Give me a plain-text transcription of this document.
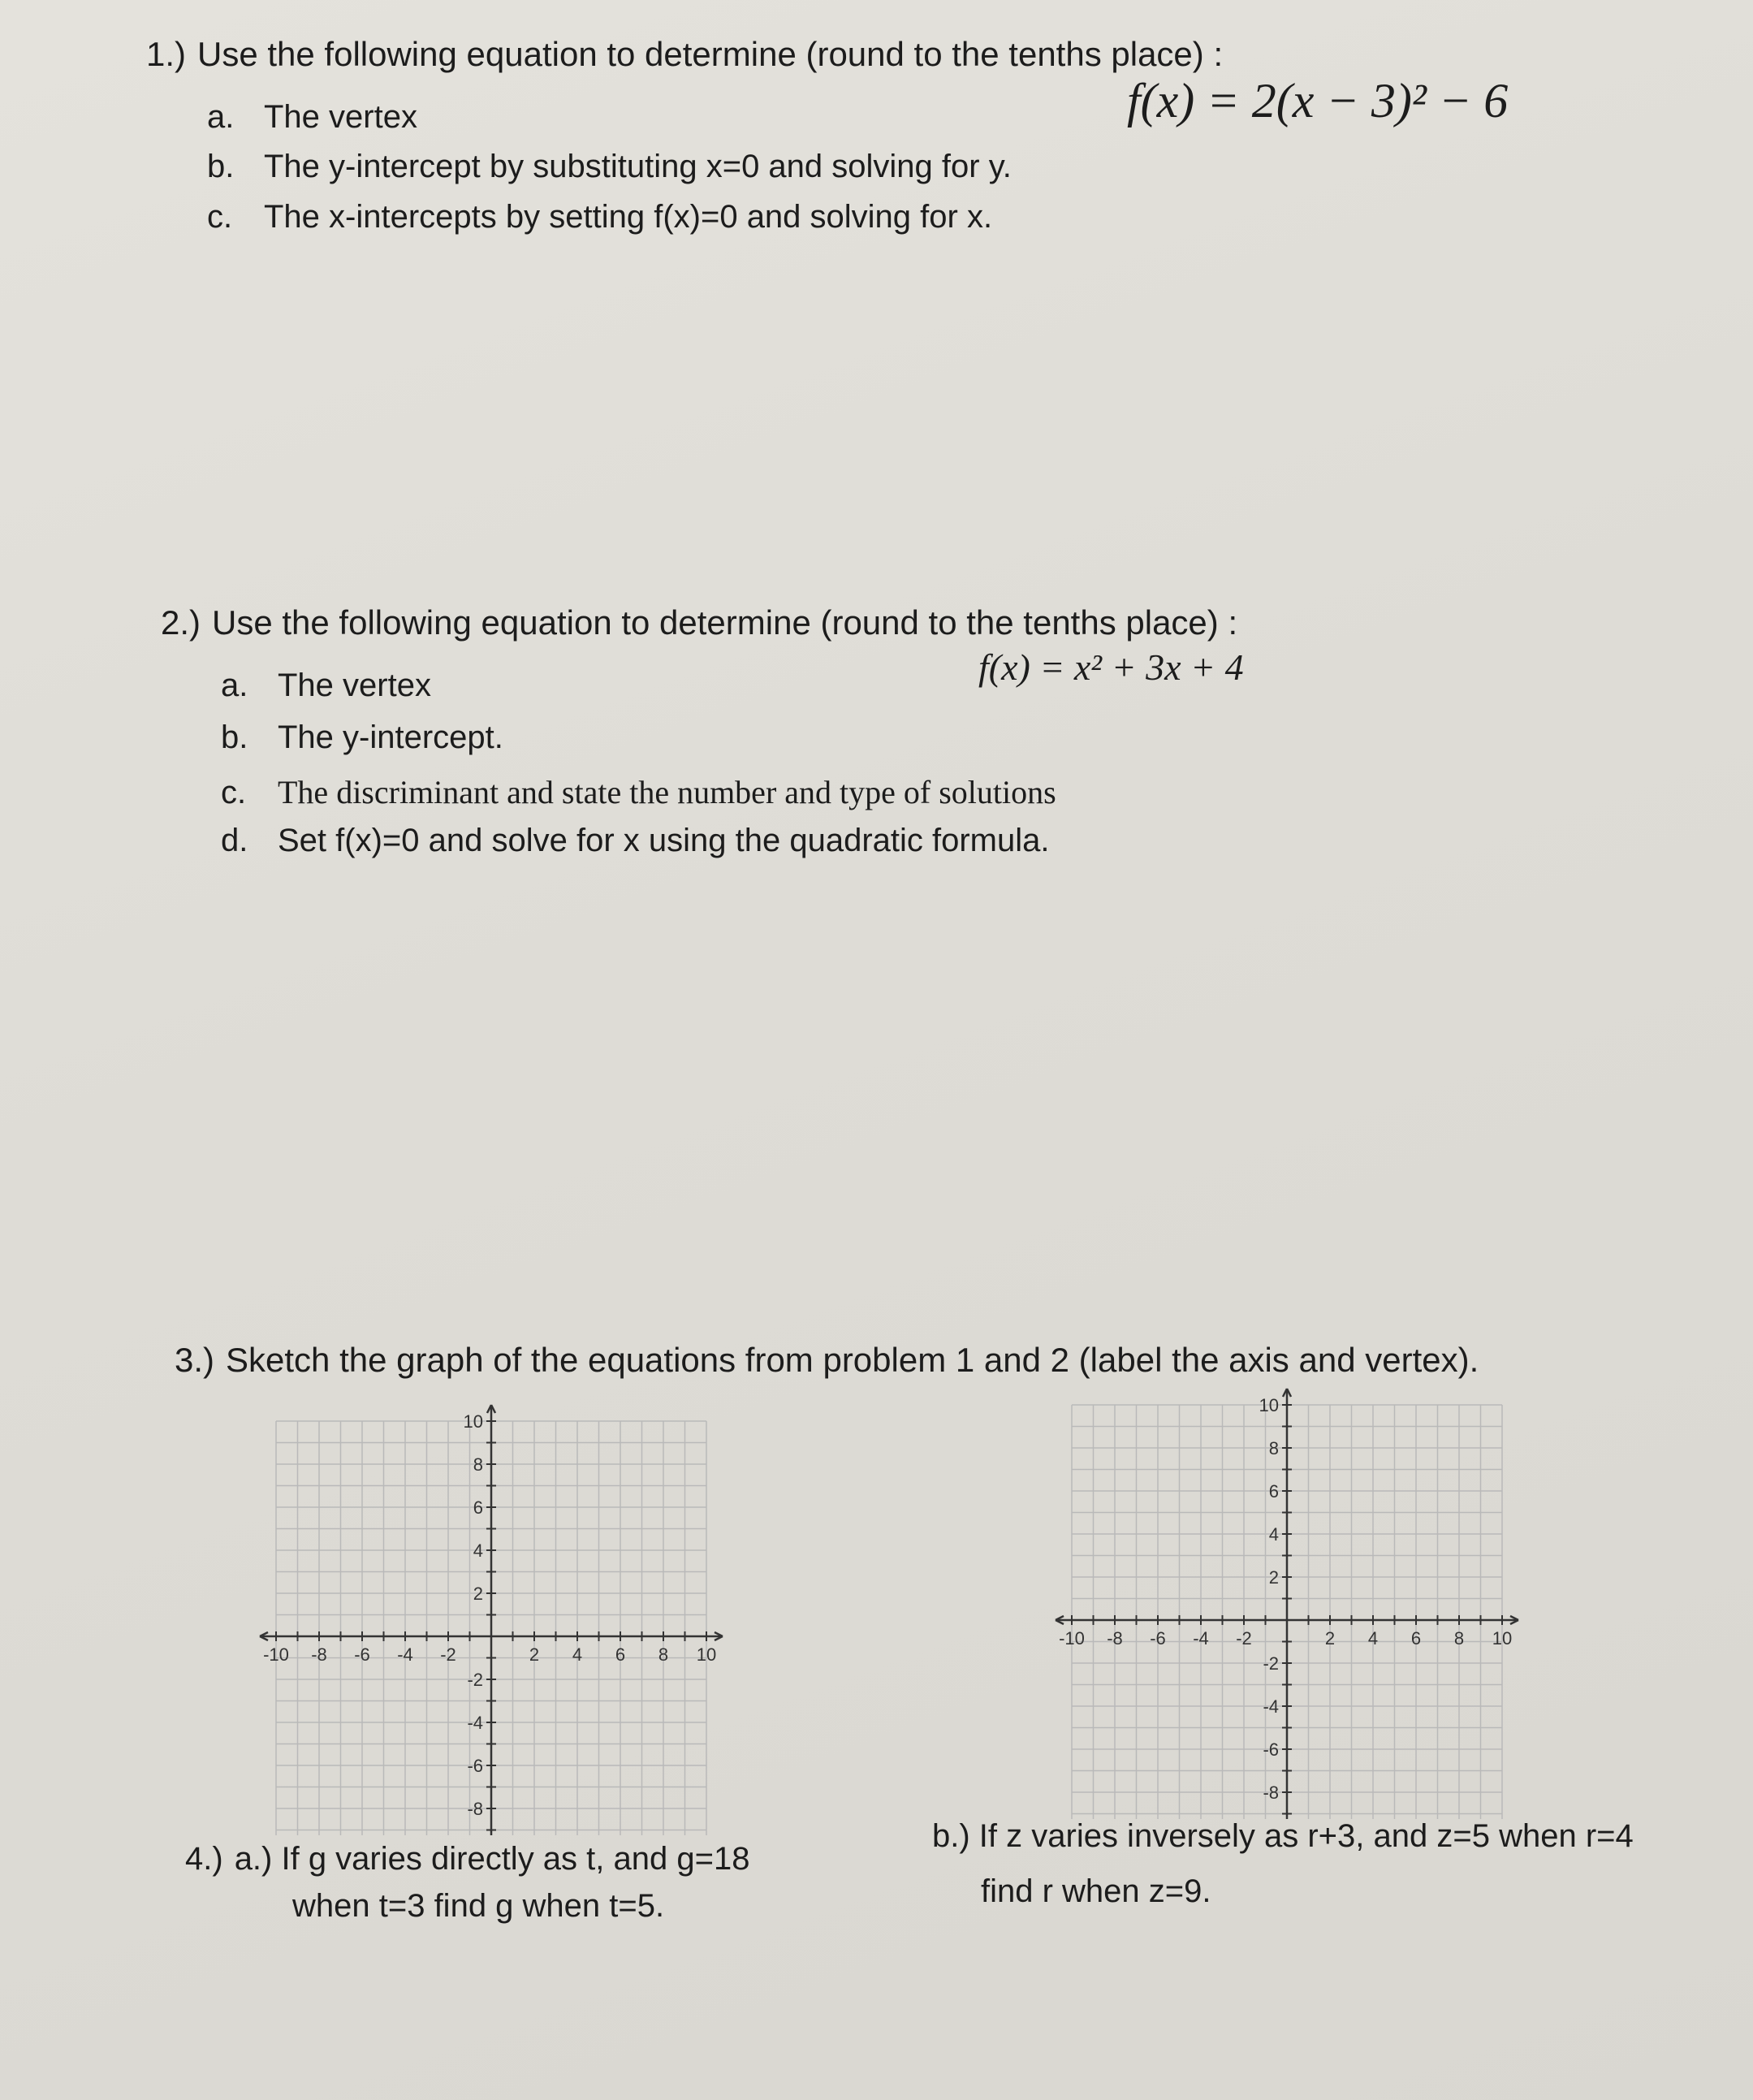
1.) Use the following equation to determine (round to the tenths place) :
f(x) = 2(x − 3)² − 6
a. The vertex
b. The y-intercept by substituting x=0 and solving for y.
c. The x-intercepts by setting f(x)=0 and solving for x.
2.) Use the following equation to determine (round to the tenths place) :
f(x) = x² + 3x + 4
a. The vertex
b. The y-intercept.
c. The discriminant and state the number and type of solutions
d. Set f(x)=0 and solve for x using the quadratic formula.
3.) Sketch the graph of the equations from problem 1 and 2 (label the axis and vertex).
-10 -8 -6 -4 -2	2 4 6 8 10
10
8
6
4
2
-2
-4
-6
-8
-10 -8 -6 -4 -2	2 4 6 8 10
10
8
6
4
2
-2
-4
-6
-8
4.) a.) If g varies directly as t, and g=18
when t=3 find g when t=5.
b.) If z varies inversely as r+3, and z=5 when r=4
find r when z=9.
